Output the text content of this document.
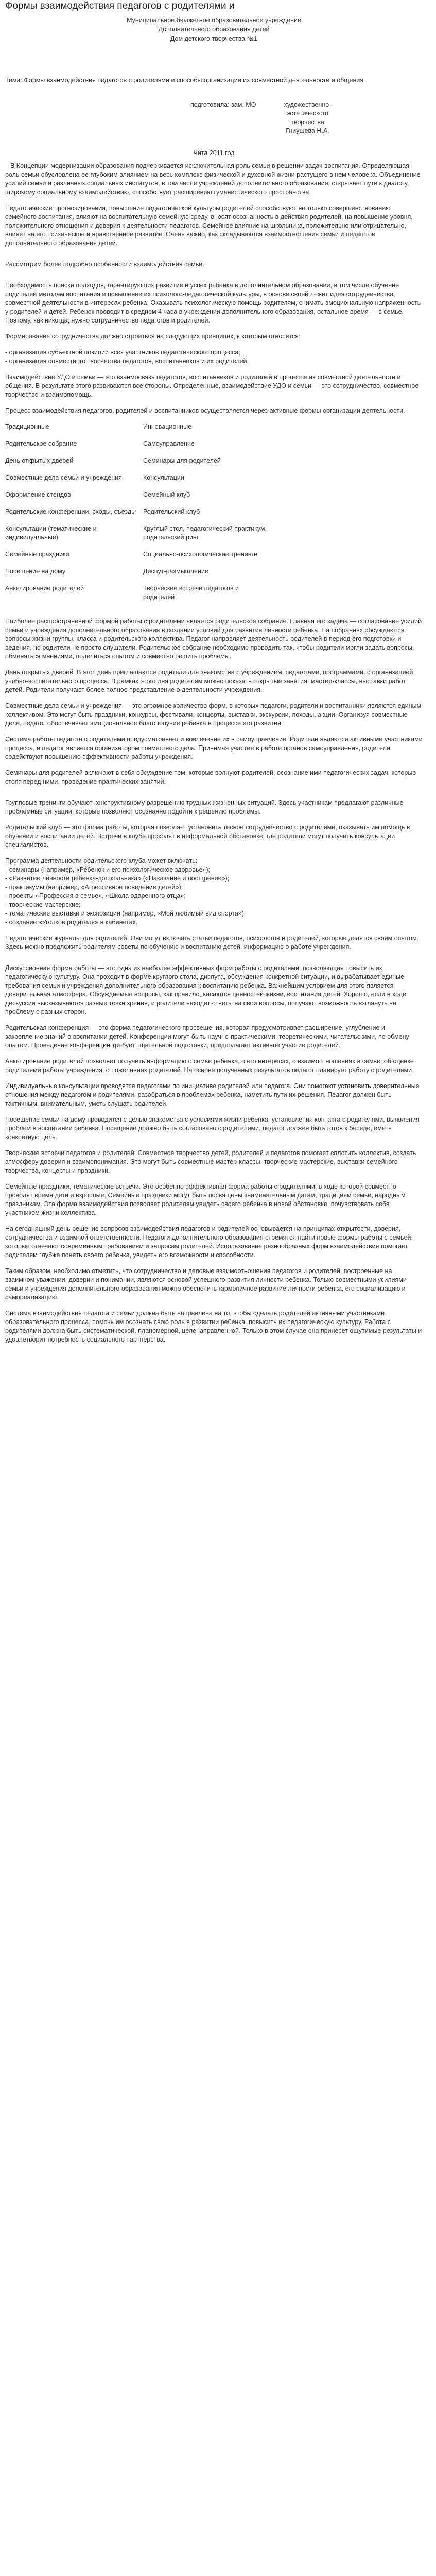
Формы взаимодействия педагогов с родителями и

Муниципальное бюджетное образовательное учреждение

Дополнительного образования детей

Дом детского творчества №1

Тема: Формы взаимодействия педагогов с родителями и способы организации их совместной деятельности и общения

подготовила: зам. МО	художественно-эстетического
творчества
Гниушева Н.А.

Чита 2011 год

В Концепции модернизации образования подчеркивается исключительная роль семьи в решении задач воспитания. Определяющая роль семьи обусловлена ее глубоким влиянием на весь комплекс физической и духовной жизни растущего в нем человека. Объединение усилий семьи и различных социальных институтов, в том числе учреждений дополнительного образования, открывает пути к диалогу, широкому социальному взаимодействию, способствует расширению гуманистического пространства.

Педагогические прогнозирования, повышение педагогической культуры родителей способствуют не только совершенствованию семейного воспитания, влияют на воспитательную семейную среду, вносят осознанность в действия родителей, на повышение уровня, положительного отношения и доверия к деятельности педагогов. Семейное влияние на школьника, положительно или отрицательно, влияет на его психическое и нравственное развитие. Очень важно, как складываются взаимоотношения семьи и педагогов дополнительного образования детей.

Рассмотрим более подробно особенности взаимодействия семьи.

Необходимость поиска подходов, гарантирующих развитие и успех ребенка в дополнительном образовании, в том числе обучение родителей методам воспитания и повышение их психолого-педагогической культуры, в основе своей лежит идея сотрудничества, совместной деятельности в интересах ребенка. Оказывать психологическую помощь родителям, снимать эмоциональную напряженность у родителей и детей. Ребенок проводит в среднем 4 часа в учреждении дополнительного образования, остальное время — в семье. Поэтому, как никогда, нужно сотрудничество педагогов и родителей.

Формирование сотрудничества должно строиться на следующих принципах, к которым относятся:

- организация субъектной позиции всех участников педагогического процесса;

- организация совместного творчества педагогов, воспитанников и их родителей.

Взаимодействие УДО и семьи — это взаимосвязь педагогов, воспитанников и родителей в процессе их совместной деятельности и общения. В результате этого развиваются все стороны. Определенные, взаимодействие УДО и семьи — это сотрудничество, совместное творчество и взаимопомощь.

Процесс взаимодействия педагогов, родителей и воспитанников осуществляется через активные формы организации деятельности.

Традиционные	Инновационные
Родительское собрание	Самоуправление
День открытых дверей	Семинары для родителей
Совместные дела семьи и учреждения	Консультации
Оформление стендов	Семейный клуб
Родительские конференции, сходы, съезды	Родительский клуб
Консультации (тематические и индивидуальные)	Круглый стол, педагогический практикум, родительский ринг
Семейные праздники	Социально-психологические тренинги
Посещение на дому	Диспут-размышление
Анкетирование родителей	Творческие встречи педагогов и родителей

Наиболее распространенной формой работы с родителями является родительское собрание. Главная его задача — согласование усилий семьи и учреждения дополнительного образования в создании условий для развития личности ребенка. На собраниях обсуждаются вопросы жизни группы, класса и родительского коллектива. Педагог направляет деятельность родителей в период его подготовки и ведения, но родители не просто слушатели. Родительское собрание необходимо проводить так, чтобы родители могли задать вопросы, обменяться мнениями, поделиться опытом и совместно решить проблемы.

День открытых дверей. В этот день приглашаются родители для знакомства с учреждением, педагогами, программами, с организацией учебно-воспитательного процесса. В рамках этого дня родителям можно показать открытые занятия, мастер-классы, выставки работ детей. Родители получают более полное представление о деятельности учреждения.

Совместные дела семьи и учреждения — это огромное количество форм, в которых педагоги, родители и воспитанники являются единым коллективом. Это могут быть праздники, конкурсы, фестивали, концерты, выставки, экскурсии, походы, акции. Организуя совместные дела, педагог обеспечивает эмоциональное благополучие ребенка в процессе его развития.

Система работы педагога с родителями предусматривает и вовлечение их в самоуправление. Родители являются активными участниками процесса, и педагог является организатором совместного дела. Принимая участие в работе органов самоуправления, родители содействуют повышению эффективности работы учреждения.

Семинары для родителей включают в себя обсуждение тем, которые волнуют родителей, осознание ими педагогических задач, которые стоят перед ними, проведение практических занятий.

Групповые тренинги обучают конструктивному разрешению трудных жизненных ситуаций. Здесь участникам предлагают различные проблемные ситуации, которые позволяют осознанно подойти к решению проблемы.

Родительский клуб — это форма работы, которая позволяет установить тесное сотрудничество с родителями, оказывать им помощь в обучении и воспитании детей. Встречи в клубе проходят в неформальной обстановке, где родители могут получить консультации специалистов.

Программа деятельности родительского клуба может включать:

- семинары (например, «Ребенок и его психологическое здоровье»);
- «Развитие личности ребенка-дошкольника» («Наказание и поощрение»);
- практикумы (например, «Агрессивное поведение детей»);
- проекты «Профессия в семье», «Школа одаренного отца»;
- творческие мастерские;
- тематические выставки и экспозиции (например, «Мой любимый вид спорта»);
- создание «Уголков родителя» в кабинетах.

Педагогические журналы для родителей. Они могут включать статьи педагогов, психологов и родителей, которые делятся своим опытом. Здесь можно предложить родителям советы по обучению и воспитанию детей, информацию о работе учреждения.

Дискуссионная форма работы — это одна из наиболее эффективных форм работы с родителями, позволяющая повысить их педагогическую культуру. Она проходит в форме круглого стола, диспута, обсуждения конкретной ситуации, и вырабатывает единые требования семьи и учреждения дополнительного образования к воспитанию ребенка. Важнейшим условием для этого является доверительная атмосфера. Обсуждаемые вопросы, как правило, касаются ценностей жизни, воспитания детей. Хорошо, если в ходе дискуссии высказываются разные точки зрения, и родители находят ответы на свои вопросы, получают возможность взглянуть на проблему с разных сторон.

Родительская конференция — это форма педагогического просвещения, которая предусматривает расширение, углубление и закрепление знаний о воспитании детей. Конференции могут быть научно-практическими, теоретическими, читательскими, по обмену опытом. Проведение конференции требует тщательной подготовки, предполагает активное участие родителей.

Анкетирование родителей позволяет получить информацию о семье ребенка, о его интересах, о взаимоотношениях в семье, об оценке родителями работы учреждения, о пожеланиях родителей. На основе полученных результатов педагог планирует работу с родителями.

Индивидуальные консультации проводятся педагогами по инициативе родителей или педагога. Они помогают установить доверительные отношения между педагогом и родителями, разобраться в проблемах ребенка, наметить пути их решения. Педагог должен быть тактичным, внимательным, уметь слушать родителей.

Посещение семьи на дому проводится с целью знакомства с условиями жизни ребенка, установления контакта с родителями, выявления проблем в воспитании ребенка. Посещение должно быть согласовано с родителями, педагог должен быть готов к беседе, иметь конкретную цель.

Творческие встречи педагогов и родителей. Совместное творчество детей, родителей и педагогов помогает сплотить коллектив, создать атмосферу доверия и взаимопонимания. Это могут быть совместные мастер-классы, творческие мастерские, выставки семейного творчества, концерты и праздники.

Семейные праздники, тематические встречи. Это особенно эффективная форма работы с родителями, в ходе которой совместно проводят время дети и взрослые. Семейные праздники могут быть посвящены знаменательным датам, традициям семьи, народным праздникам. Эта форма взаимодействия позволяет родителям увидеть своего ребенка в новой обстановке, почувствовать себя участником жизни коллектива.

На сегодняшний день решение вопросов взаимодействия педагогов и родителей основывается на принципах открытости, доверия, сотрудничества и взаимной ответственности. Педагоги дополнительного образования стремятся найти новые формы работы с семьей, которые отвечают современным требованиям и запросам родителей. Использование разнообразных форм взаимодействия помогает родителям глубже понять своего ребенка, увидеть его возможности и способности.

Таким образом, необходимо отметить, что сотрудничество и деловые взаимоотношения педагогов и родителей, построенные на взаимном уважении, доверии и понимании, являются основой успешного развития личности ребенка. Только совместными усилиями семьи и учреждения дополнительного образования можно обеспечить гармоничное развитие личности ребенка, его социализацию и самореализацию.

Система взаимодействия педагога и семьи должна быть направлена на то, чтобы сделать родителей активными участниками образовательного процесса, помочь им осознать свою роль в развитии ребенка, повысить их педагогическую культуру. Работа с родителями должна быть систематической, планомерной, целенаправленной. Только в этом случае она принесет ощутимые результаты и удовлетворит потребность социального партнерства.
